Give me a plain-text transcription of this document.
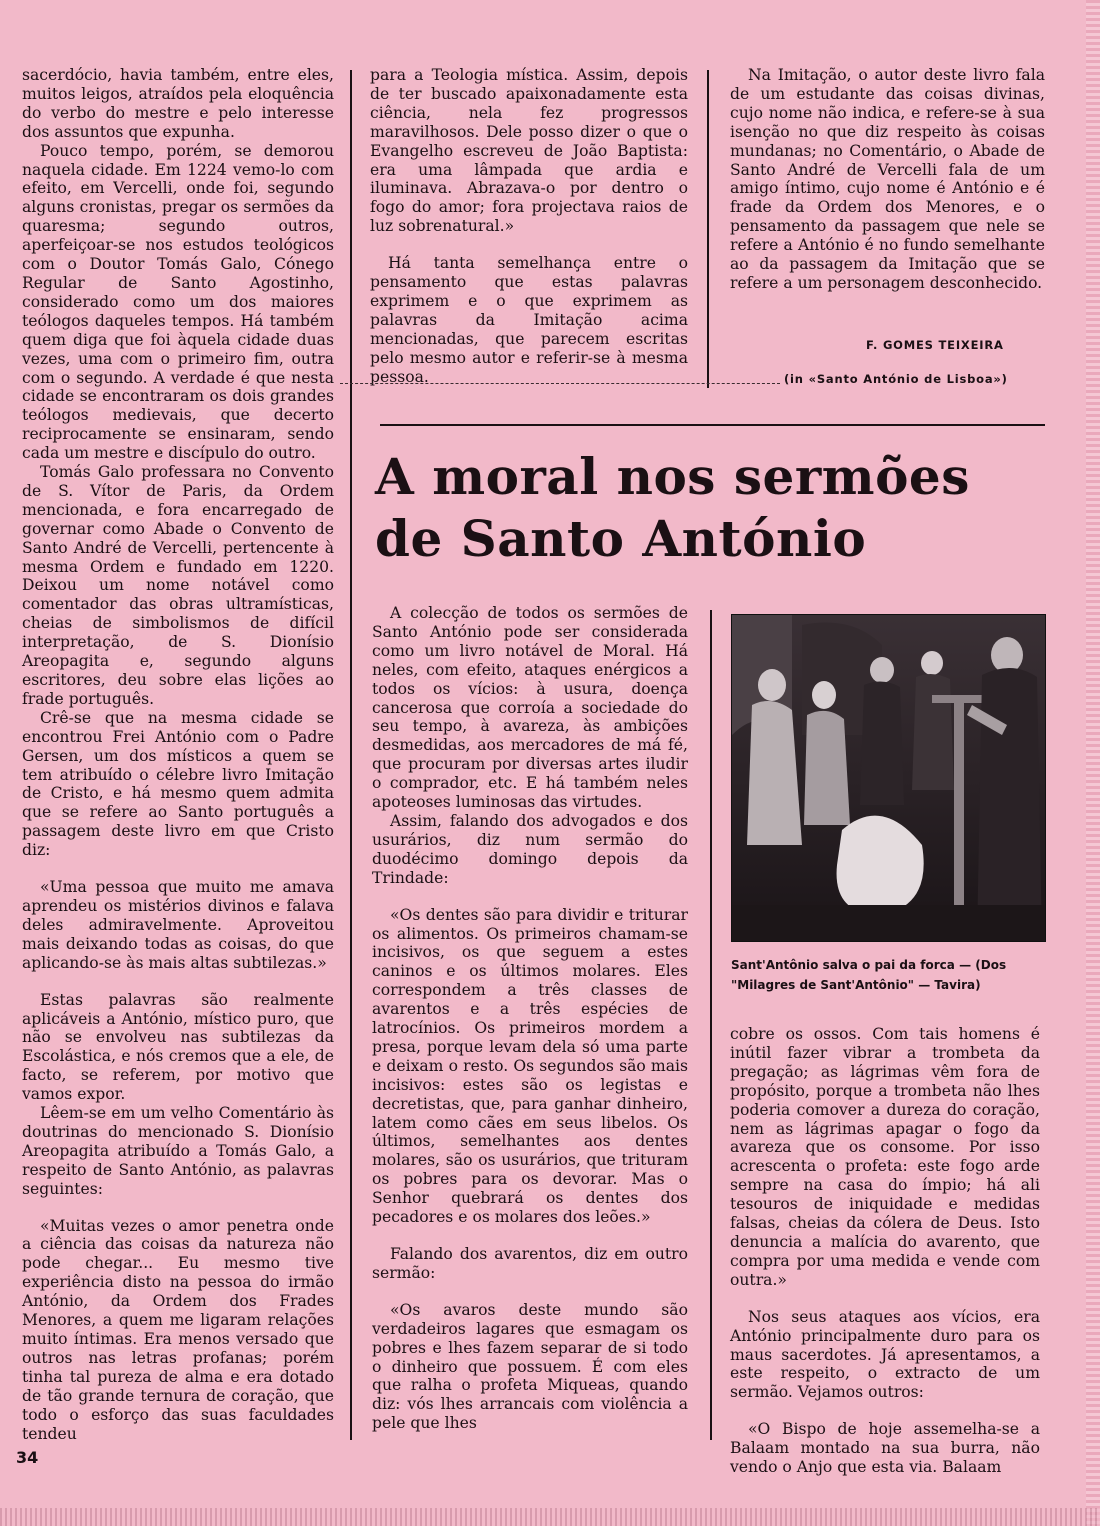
sacerdócio, havia também, entre eles, muitos leigos, atraídos pela eloquência do verbo do mestre e pelo interesse dos assuntos que expunha.

Pouco tempo, porém, se demorou naquela cidade. Em 1224 vemo-lo com efeito, em Vercelli, onde foi, segundo alguns cronistas, pregar os sermões da quaresma; segundo outros, aperfeiçoar-se nos estudos teológicos com o Doutor Tomás Galo, Cónego Regular de Santo Agostinho, considerado como um dos maiores teólogos daqueles tempos. Há também quem diga que foi àquela cidade duas vezes, uma com o primeiro fim, outra com o segundo. A verdade é que nesta cidade se encontraram os dois grandes teólogos medievais, que decerto reciprocamente se ensinaram, sendo cada um mestre e discípulo do outro.

Tomás Galo professara no Convento de S. Vítor de Paris, da Ordem mencionada, e fora encarregado de governar como Abade o Convento de Santo André de Vercelli, pertencente à mesma Ordem e fundado em 1220. Deixou um nome notável como comentador das obras ultramísticas, cheias de simbolismos de difícil interpretação, de S. Dionísio Areopagita e, segundo alguns escritores, deu sobre elas lições ao frade português.

Crê-se que na mesma cidade se encontrou Frei António com o Padre Gersen, um dos místicos a quem se tem atribuído o célebre livro Imitação de Cristo, e há mesmo quem admita que se refere ao Santo português a passagem deste livro em que Cristo diz:

«Uma pessoa que muito me amava aprendeu os mistérios divinos e falava deles admiravelmente. Aproveitou mais deixando todas as coisas, do que aplicando-se às mais altas subtilezas.»

Estas palavras são realmente aplicáveis a António, místico puro, que não se envolveu nas subtilezas da Escolástica, e nós cremos que a ele, de facto, se referem, por motivo que vamos expor.

Lêem-se em um velho Comentário às doutrinas do mencionado S. Dionísio Areopagita atribuído a Tomás Galo, a respeito de Santo António, as palavras seguintes:

«Muitas vezes o amor penetra onde a ciência das coisas da natureza não pode chegar... Eu mesmo tive experiência disto na pessoa do irmão António, da Ordem dos Frades Menores, a quem me ligaram relações muito íntimas. Era menos versado que outros nas letras profanas; porém tinha tal pureza de alma e era dotado de tão grande ternura de coração, que todo o esforço das suas faculdades tendeu

para a Teologia mística. Assim, depois de ter buscado apaixonadamente esta ciência, nela fez progressos maravilhosos. Dele posso dizer o que o Evangelho escreveu de João Baptista: era uma lâmpada que ardia e iluminava. Abrazava-o por dentro o fogo do amor; fora projectava raios de luz sobrenatural.»

Há tanta semelhança entre o pensamento que estas palavras exprimem e o que exprimem as palavras da Imitação acima mencionadas, que parecem escritas pelo mesmo autor e referir-se à mesma pessoa.

Na Imitação, o autor deste livro fala de um estudante das coisas divinas, cujo nome não indica, e refere-se à sua isenção no que diz respeito às coisas mundanas; no Comentário, o Abade de Santo André de Vercelli fala de um amigo íntimo, cujo nome é António e é frade da Ordem dos Menores, e o pensamento da passagem que nele se refere a António é no fundo semelhante ao da passagem da Imitação que se refere a um personagem desconhecido.

F. GOMES TEIXEIRA
(in «Santo António de Lisboa»)
A moral nos sermões
de Santo António

A colecção de todos os sermões de Santo António pode ser considerada como um livro notável de Moral. Há neles, com efeito, ataques enérgicos a todos os vícios: à usura, doença cancerosa que corroía a sociedade do seu tempo, à avareza, às ambições desmedidas, aos mercadores de má fé, que procuram por diversas artes iludir o comprador, etc. E há também neles apoteoses luminosas das virtudes.

Assim, falando dos advogados e dos usurários, diz num sermão do duodécimo domingo depois da Trindade:

«Os dentes são para dividir e triturar os alimentos. Os primeiros chamam-se incisivos, os que seguem a estes caninos e os últimos molares. Eles correspondem a três classes de avarentos e a três espécies de latrocínios. Os primeiros mordem a presa, porque levam dela só uma parte e deixam o resto. Os segundos são mais incisivos: estes são os legistas e decretistas, que, para ganhar dinheiro, latem como cães em seus libelos. Os últimos, semelhantes aos dentes molares, são os usurários, que trituram os pobres para os devorar. Mas o Senhor quebrará os dentes dos pecadores e os molares dos leões.»

Falando dos avarentos, diz em outro sermão:

«Os avaros deste mundo são verdadeiros lagares que esmagam os pobres e lhes fazem separar de si todo o dinheiro que possuem. É com eles que ralha o profeta Miqueas, quando diz: vós lhes arrancais com violência a pele que lhes

Sant'Antônio salva o pai da forca — (Dos
"Milagres de Sant'Antônio" — Tavira)

cobre os ossos. Com tais homens é inútil fazer vibrar a trombeta da pregação; as lágrimas vêm fora de propósito, porque a trombeta não lhes poderia comover a dureza do coração, nem as lágrimas apagar o fogo da avareza que os consome. Por isso acrescenta o profeta: este fogo arde sempre na casa do ímpio; há ali tesouros de iniquidade e medidas falsas, cheias da cólera de Deus. Isto denuncia a malícia do avarento, que compra por uma medida e vende com outra.»

Nos seus ataques aos vícios, era António principalmente duro para os maus sacerdotes. Já apresentamos, a este respeito, o extracto de um sermão. Vejamos outros:

«O Bispo de hoje assemelha-se a Balaam montado na sua burra, não vendo o Anjo que esta via. Balaam

34
